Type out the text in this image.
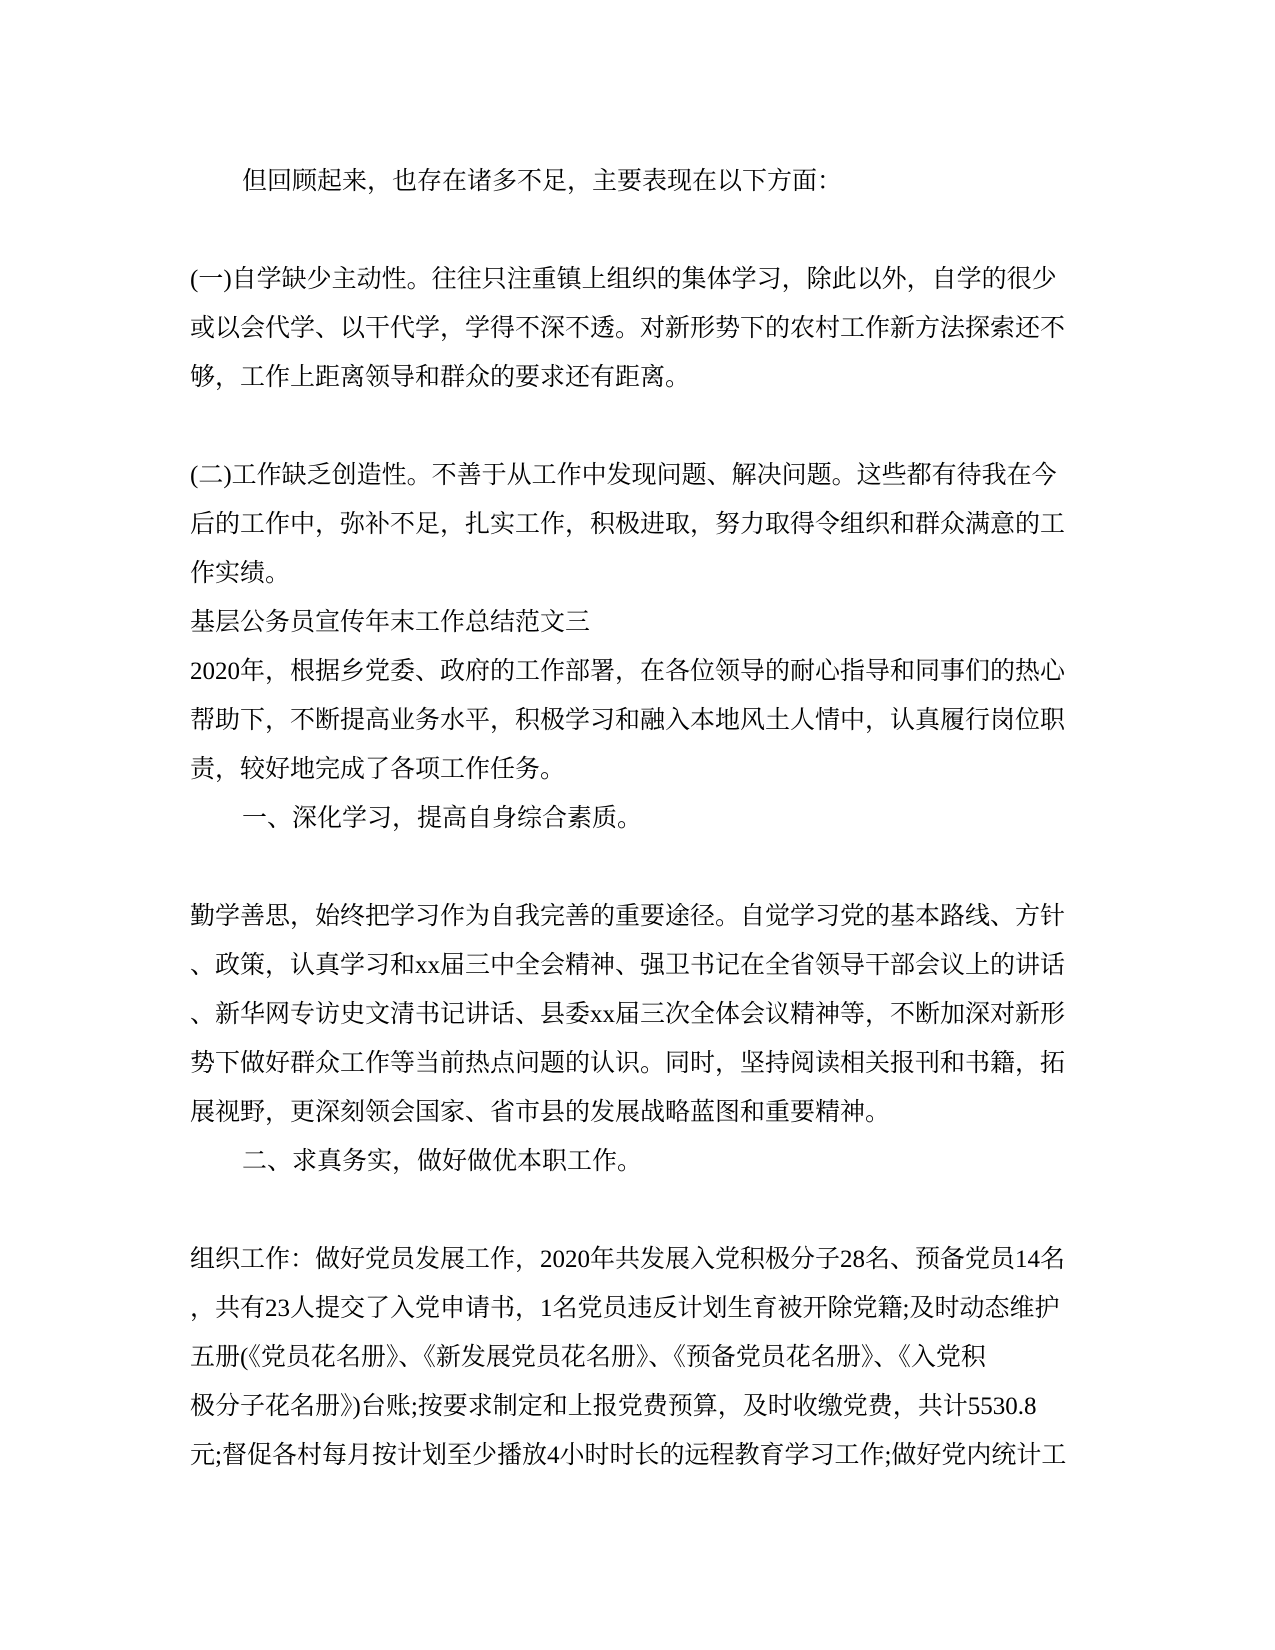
但回顾起来，也存在诸多不足，主要表现在以下方面：

(一)自学缺少主动性。往往只注重镇上组织的集体学习，除此以外，自学的很少
或以会代学、以干代学，学得不深不透。对新形势下的农村工作新方法探索还不
够，工作上距离领导和群众的要求还有距离。

(二)工作缺乏创造性。不善于从工作中发现问题、解决问题。这些都有待我在今
后的工作中，弥补不足，扎实工作，积极进取，努力取得令组织和群众满意的工
作实绩。
基层公务员宣传年末工作总结范文三
2020年，根据乡党委、政府的工作部署，在各位领导的耐心指导和同事们的热心
帮助下，不断提高业务水平，积极学习和融入本地风土人情中，认真履行岗位职
责，较好地完成了各项工作任务。
一、深化学习，提高自身综合素质。

勤学善思，始终把学习作为自我完善的重要途径。自觉学习党的基本路线、方针
、政策，认真学习和xx届三中全会精神、强卫书记在全省领导干部会议上的讲话
、新华网专访史文清书记讲话、县委xx届三次全体会议精神等，不断加深对新形
势下做好群众工作等当前热点问题的认识。同时，坚持阅读相关报刊和书籍，拓
展视野，更深刻领会国家、省市县的发展战略蓝图和重要精神。
二、求真务实，做好做优本职工作。

组织工作：做好党员发展工作，2020年共发展入党积极分子28名、预备党员14名
，共有23人提交了入党申请书，1名党员违反计划生育被开除党籍;及时动态维护
五册(《党员花名册》、《新发展党员花名册》、《预备党员花名册》、《入党积
极分子花名册》)台账;按要求制定和上报党费预算，及时收缴党费，共计5530.8
元;督促各村每月按计划至少播放4小时时长的远程教育学习工作;做好党内统计工
